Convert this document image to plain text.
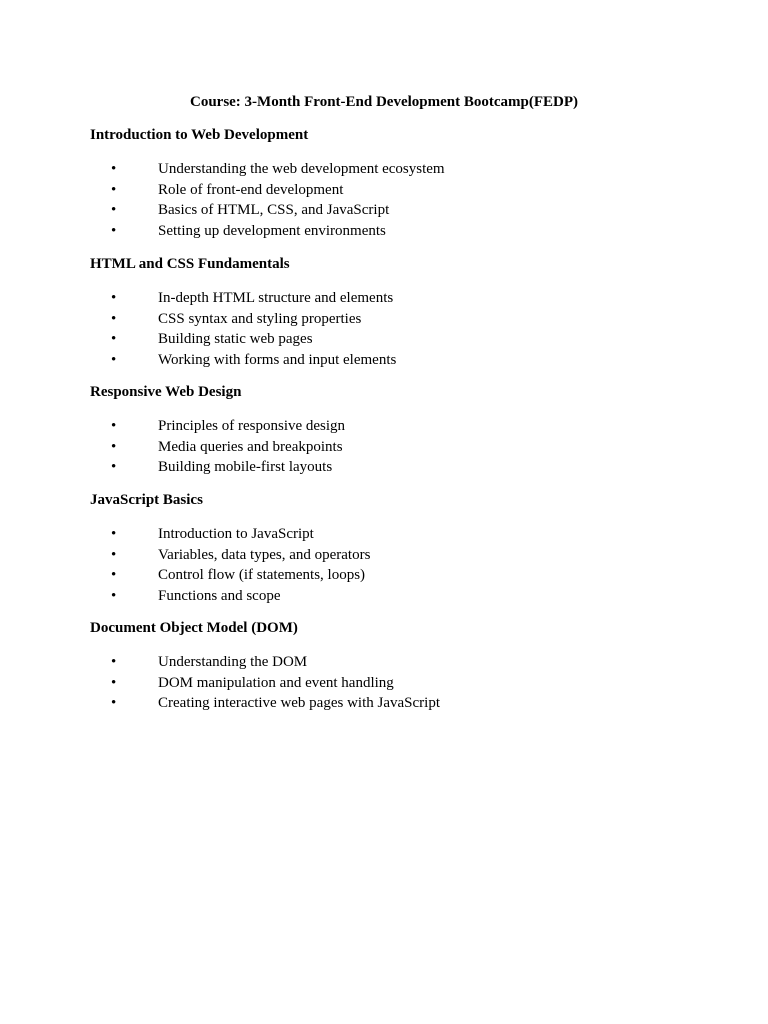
Course: 3-Month Front-End Development Bootcamp(FEDP)
Introduction to Web Development
•	Understanding the web development ecosystem
•	Role of front-end development
•	Basics of HTML, CSS, and JavaScript
•	Setting up development environments
HTML and CSS Fundamentals
•	In-depth HTML structure and elements
•	CSS syntax and styling properties
•	Building static web pages
•	Working with forms and input elements
Responsive Web Design
•	Principles of responsive design
•	Media queries and breakpoints
•	Building mobile-first layouts
JavaScript Basics
•	Introduction to JavaScript
•	Variables, data types, and operators
•	Control flow (if statements, loops)
•	Functions and scope
Document Object Model (DOM)
•	Understanding the DOM
•	DOM manipulation and event handling
•	Creating interactive web pages with JavaScript
